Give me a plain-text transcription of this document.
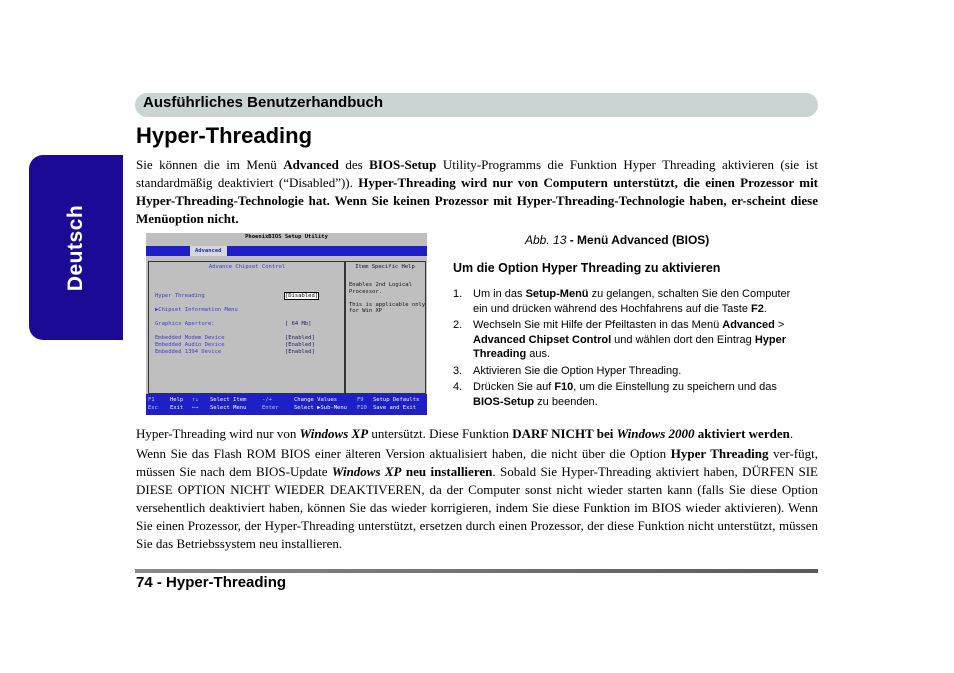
Deutsch
Ausführliches Benutzerhandbuch
Hyper-Threading

Sie können die im Menü Advanced des BIOS-Setup Utility-Programms die Funktion Hyper Threading aktivieren (sie ist standardmäßig deaktiviert (“Disabled”)). Hyper-Threading wird nur von Computern unterstützt, die einen Prozessor mit Hyper-Threading-Technologie hat. Wenn Sie keinen Prozessor mit Hyper-Threading-Technologie haben, er-scheint diese Menüoption nicht.

PhoenixBIOS Setup Utility
Advanced
Advance Chipset Control
Hyper Threading	[Disabled]
▶Chipset Information Menu
Graphics Aperture:	[ 64 Mb]
Embedded Modem Device	[Enabled]
Embedded Audio Device	[Enabled]
Embedded 1394 Device	[Enabled]
Item Specific Help
Enables 2nd Logical
Processor.
This is applicable only
for Win XP
F1	Help ↑↓ Select Item	-/+	Change Values	F9 Setup Defaults
Esc Exit ←→ Select Menu	Enter	Select ▶Sub-Menu F10 Save and Exit
Abb. 13 - Menü Advanced (BIOS)
Um die Option Hyper Threading zu aktivieren
1. Um in das Setup-Menü zu gelangen, schalten Sie den Computer ein und drücken während des Hochfahrens auf die Taste F2.
2. Wechseln Sie mit Hilfe der Pfeiltasten in das Menü Advanced > Advanced Chipset Control und wählen dort den Eintrag Hyper Threading aus.
3. Aktivieren Sie die Option Hyper Threading.
4. Drücken Sie auf F10, um die Einstellung zu speichern und das BIOS-Setup zu beenden.

Hyper-Threading wird nur von Windows XP untersützt. Diese Funktion DARF NICHT bei Windows 2000 aktiviert werden.

Wenn Sie das Flash ROM BIOS einer älteren Version aktualisiert haben, die nicht über die Option Hyper Threading ver-fügt, müssen Sie nach dem BIOS-Update Windows XP neu installieren. Sobald Sie Hyper-Threading aktiviert haben, DÜRFEN SIE DIESE OPTION NICHT WIEDER DEAKTIVEREN, da der Computer sonst nicht wieder starten kann (falls Sie diese Option versehentlich deaktiviert haben, können Sie das wieder korrigieren, indem Sie diese Funktion im BIOS wieder aktivieren). Wenn Sie einen Prozessor, der Hyper-Threading unterstützt, ersetzen durch einen Prozessor, der diese Funktion nicht unterstützt, müssen Sie das Betriebssystem neu installieren.

74 - Hyper-Threading
